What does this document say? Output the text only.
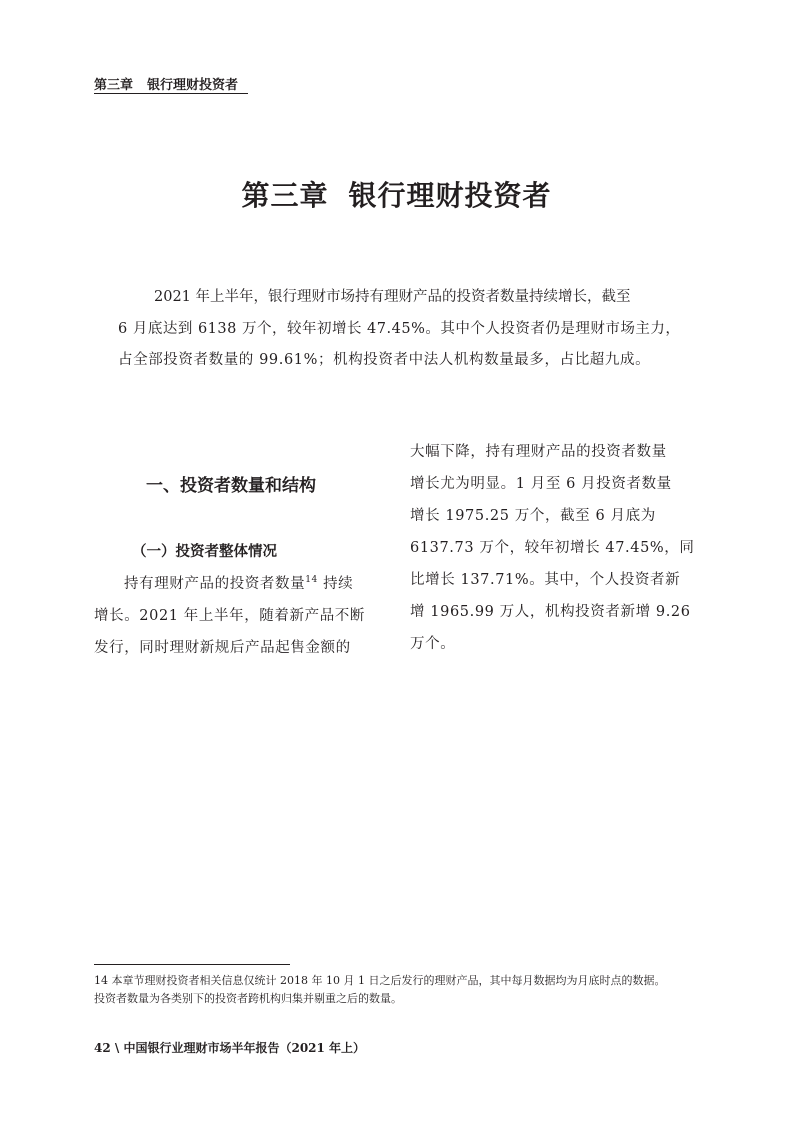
第三章 银行理财投资者
第三章 银行理财投资者

2021 年上半年，银行理财市场持有理财产品的投资者数量持续增长，截至

6 月底达到 6138 万个，较年初增长 47.45%。其中个人投资者仍是理财市场主力，

占全部投资者数量的 99.61%；机构投资者中法人机构数量最多，占比超九成。

一、投资者数量和结构

（一）投资者整体情况

持有理财产品的投资者数量$^{14}$ 持续

增长。2021 年上半年，随着新产品不断

发行，同时理财新规后产品起售金额的

大幅下降，持有理财产品的投资者数量

增长尤为明显。1 月至 6 月投资者数量

增长 1975.25 万个，截至 6 月底为

6137.73 万个，较年初增长 47.45%，同

比增长 137.71%。其中，个人投资者新

增 1965.99 万人，机构投资者新增 9.26

万个。

14 本章节理财投资者相关信息仅统计 2018 年 10 月 1 日之后发行的理财产品，其中每月数据均为月底时点的数据。

投资者数量为各类别下的投资者跨机构归集并剔重之后的数量。

42 \ 中国银行业理财市场半年报告（2021 年上）
